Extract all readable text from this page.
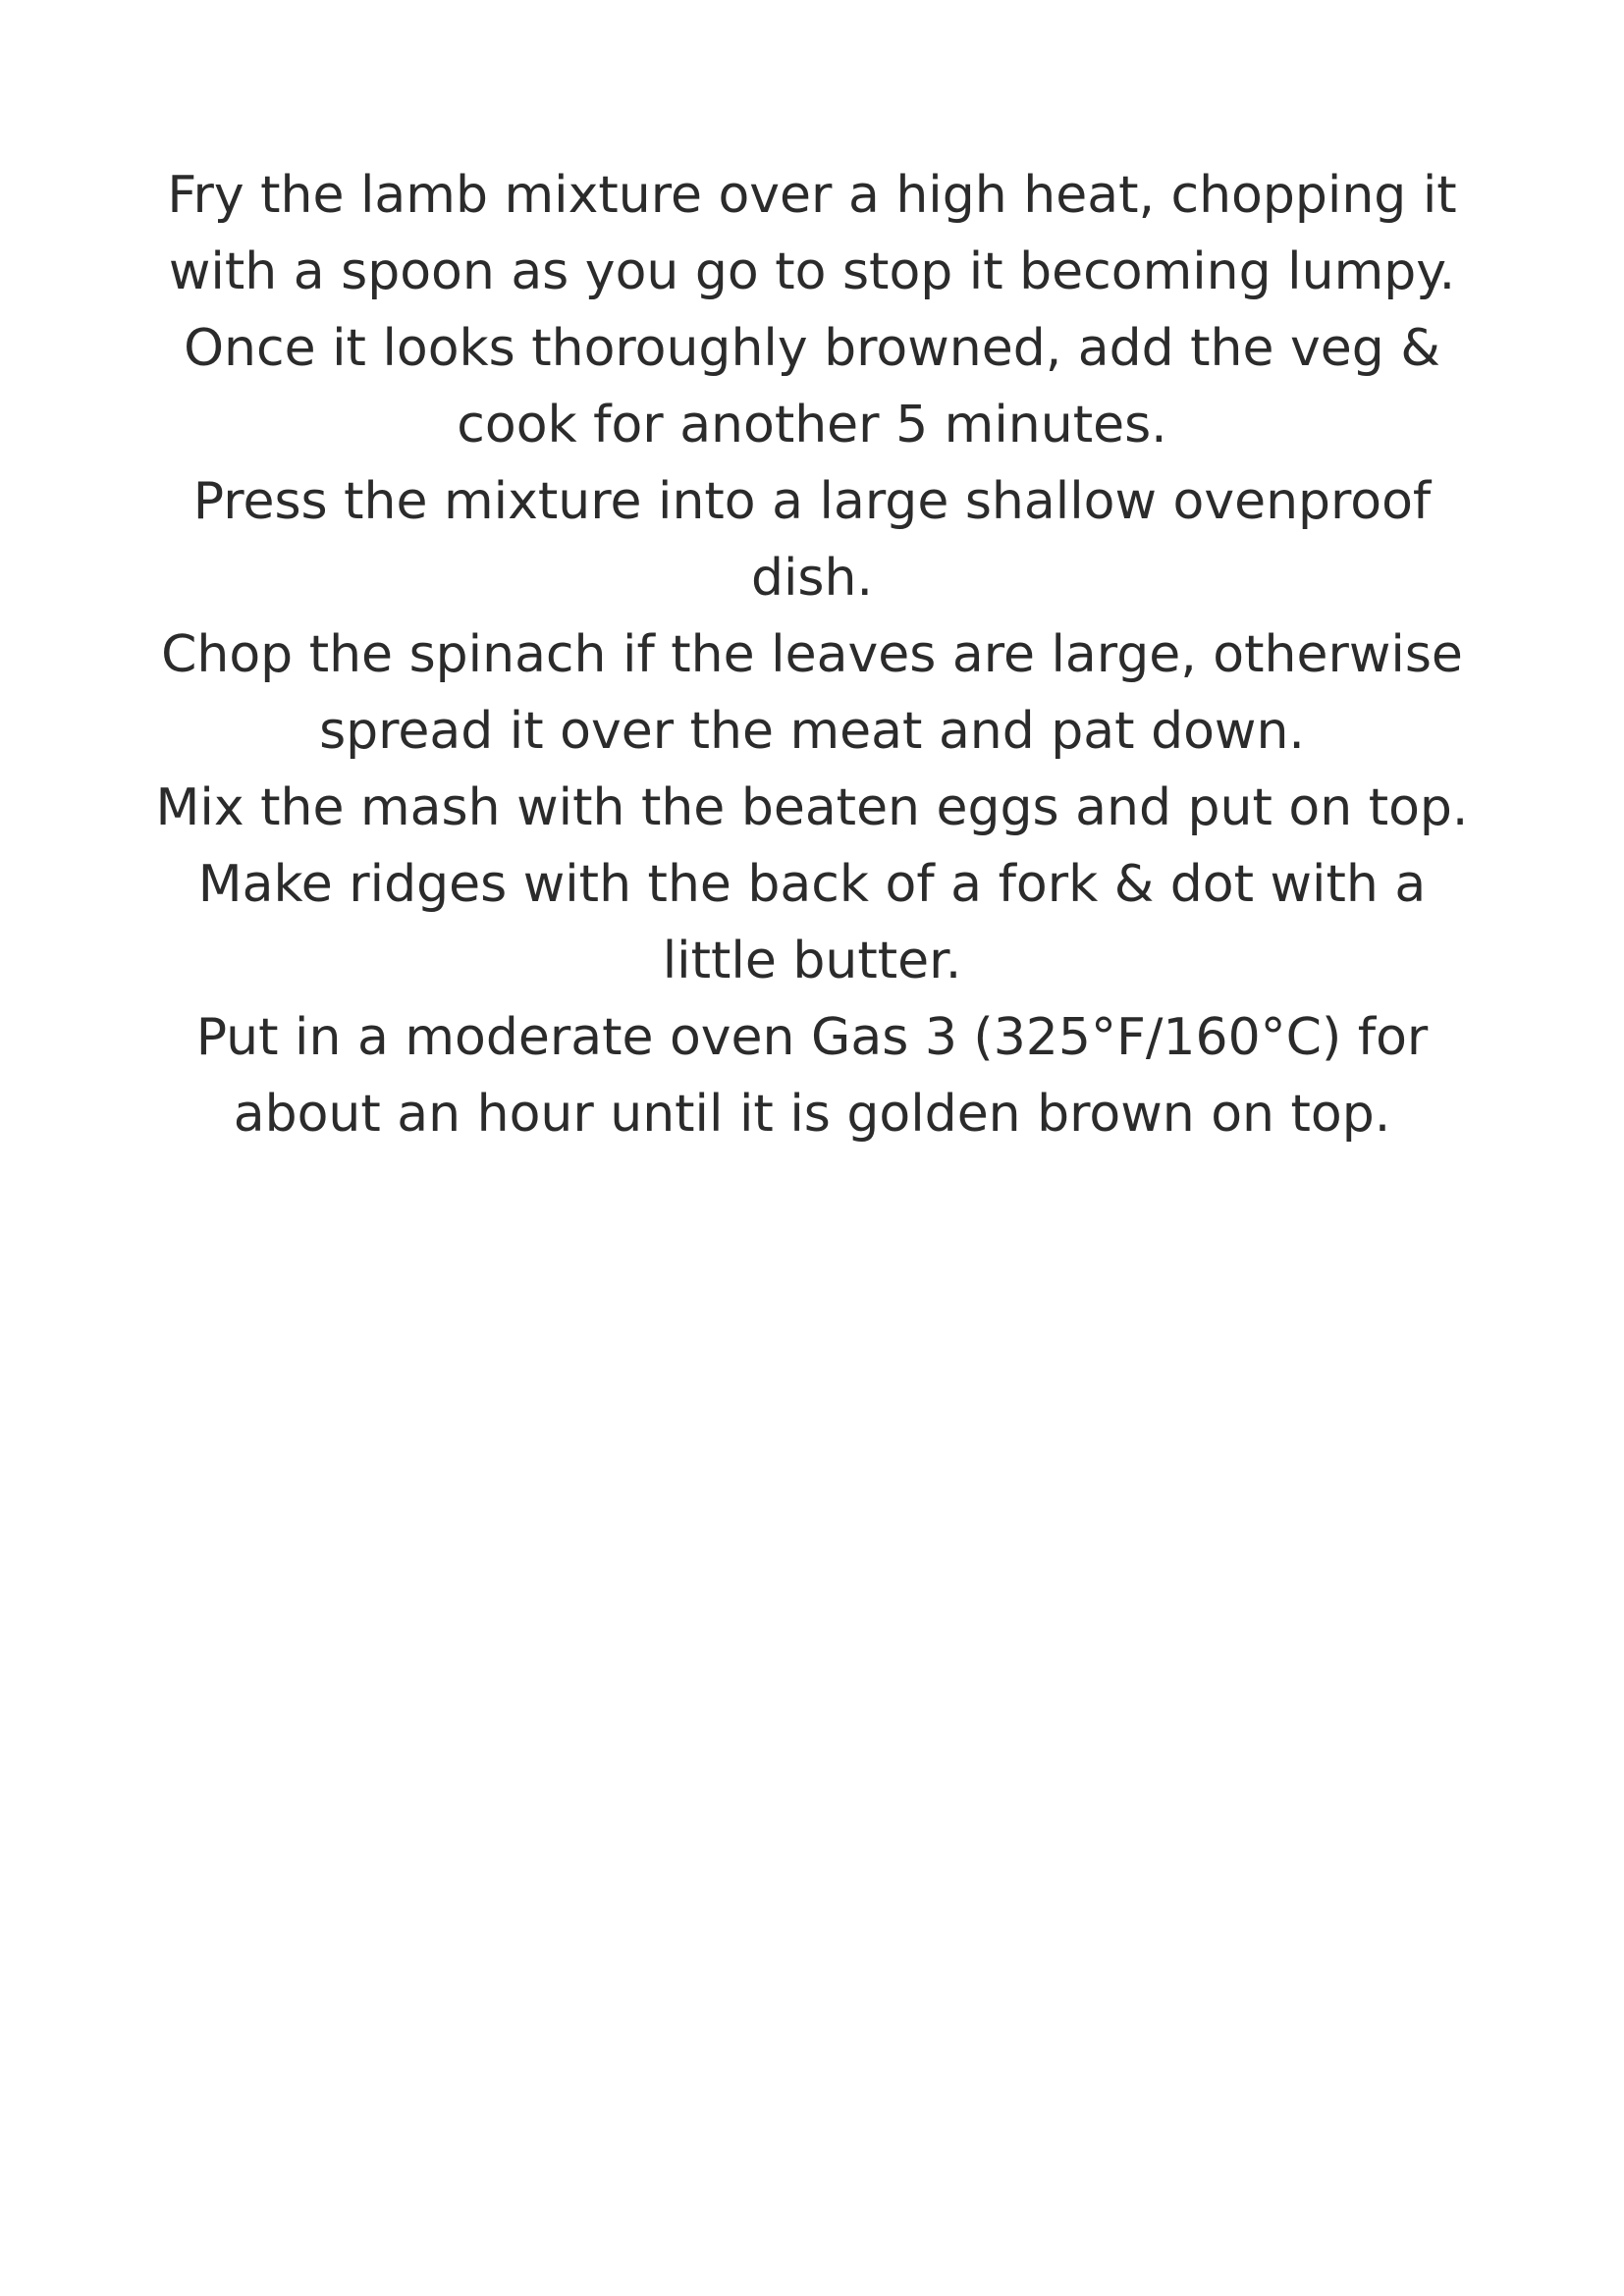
Fry the lamb mixture over a high heat, chopping it
with a spoon as you go to stop it becoming lumpy.
Once it looks thoroughly browned, add the veg &
cook for another 5 minutes.
Press the mixture into a large shallow ovenproof
dish.
Chop the spinach if the leaves are large, otherwise
spread it over the meat and pat down.
Mix the mash with the beaten eggs and put on top.
Make ridges with the back of a fork & dot with a
little butter.
Put in a moderate oven Gas 3 (325°F/160°C) for
about an hour until it is golden brown on top.
